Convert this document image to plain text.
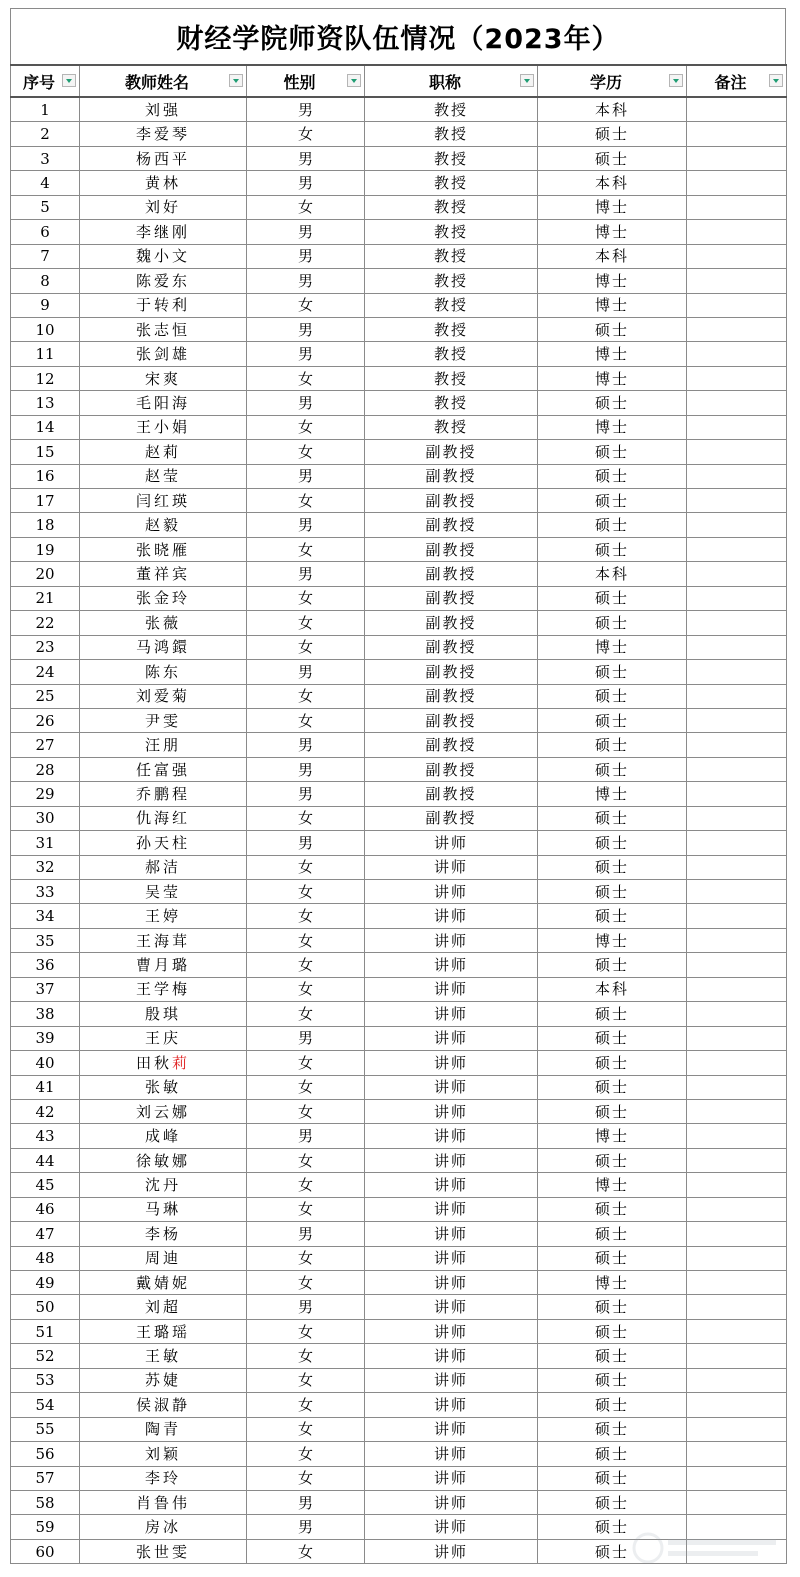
财经学院师资队伍情况（2023年）
序号	教师姓名	性别	职称	学历	备注

1	刘强	男	教授	本科	
2	李爱琴	女	教授	硕士	
3	杨西平	男	教授	硕士	
4	黄林	男	教授	本科	
5	刘好	女	教授	博士	
6	李继刚	男	教授	博士	
7	魏小文	男	教授	本科	
8	陈爱东	男	教授	博士	
9	于转利	女	教授	博士	
10	张志恒	男	教授	硕士	
11	张剑雄	男	教授	博士	
12	宋爽	女	教授	博士	
13	毛阳海	男	教授	硕士	
14	王小娟	女	教授	博士	
15	赵莉	女	副教授	硕士	
16	赵莹	男	副教授	硕士	
17	闫红瑛	女	副教授	硕士	
18	赵毅	男	副教授	硕士	
19	张晓雁	女	副教授	硕士	
20	董祥宾	男	副教授	本科	
21	张金玲	女	副教授	硕士	
22	张薇	女	副教授	硕士	
23	马鸿鐶	女	副教授	博士	
24	陈东	男	副教授	硕士	
25	刘爱菊	女	副教授	硕士	
26	尹雯	女	副教授	硕士	
27	汪朋	男	副教授	硕士	
28	任富强	男	副教授	硕士	
29	乔鹏程	男	副教授	博士	
30	仇海红	女	副教授	硕士	
31	孙天柱	男	讲师	硕士	
32	郝洁	女	讲师	硕士	
33	吴莹	女	讲师	硕士	
34	王婷	女	讲师	硕士	
35	王海茸	女	讲师	博士	
36	曹月璐	女	讲师	硕士	
37	王学梅	女	讲师	本科	
38	殷琪	女	讲师	硕士	
39	王庆	男	讲师	硕士	
40	田秋莉	女	讲师	硕士	
41	张敏	女	讲师	硕士	
42	刘云娜	女	讲师	硕士	
43	成峰	男	讲师	博士	
44	徐敏娜	女	讲师	硕士	
45	沈丹	女	讲师	博士	
46	马琳	女	讲师	硕士	
47	李杨	男	讲师	硕士	
48	周迪	女	讲师	硕士	
49	戴婧妮	女	讲师	博士	
50	刘超	男	讲师	硕士	
51	王璐瑶	女	讲师	硕士	
52	王敏	女	讲师	硕士	
53	苏婕	女	讲师	硕士	
54	侯淑静	女	讲师	硕士	
55	陶青	女	讲师	硕士	
56	刘颖	女	讲师	硕士	
57	李玲	女	讲师	硕士	
58	肖鲁伟	男	讲师	硕士	
59	房冰	男	讲师	硕士	
60	张世雯	女	讲师	硕士	
